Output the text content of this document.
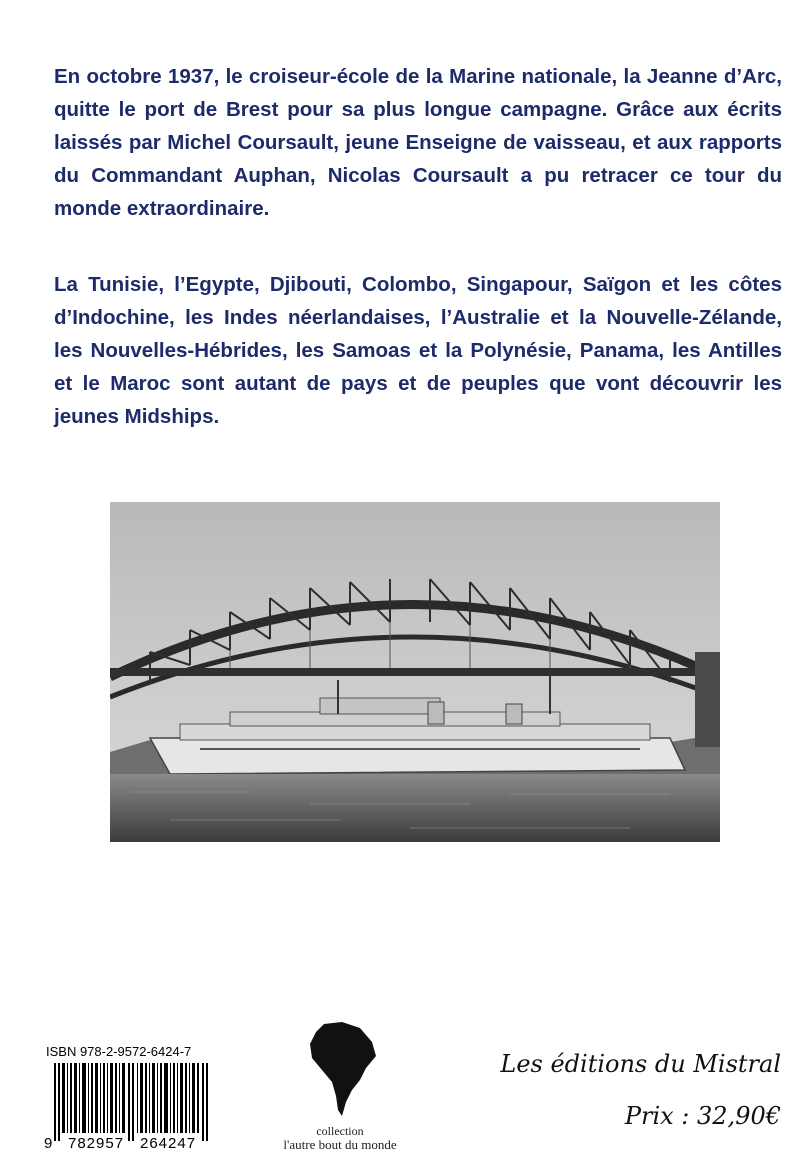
En octobre 1937, le croiseur-école de la Marine nationale, la Jeanne d’Arc, quitte le port de Brest pour sa plus longue campagne. Grâce aux écrits laissés par Michel Coursault, jeune Enseigne de vaisseau, et aux rapports du Commandant Auphan, Nicolas Coursault a pu retracer ce tour du monde extraordinaire.

La Tunisie, l’Egypte, Djibouti, Colombo, Singapour, Saïgon et les côtes d’Indochine, les Indes néerlandaises, l’Australie et la Nouvelle-Zélande, les Nouvelles-Hébrides, les Samoas et la Polynésie, Panama, les Antilles et le Maroc sont autant de pays et de peuples que vont découvrir les jeunes Midships.

ISBN 978-2-9572-6424-7
9 782957 264247
collection
l'autre bout du monde
Les éditions du Mistral
Prix : 32,90€
